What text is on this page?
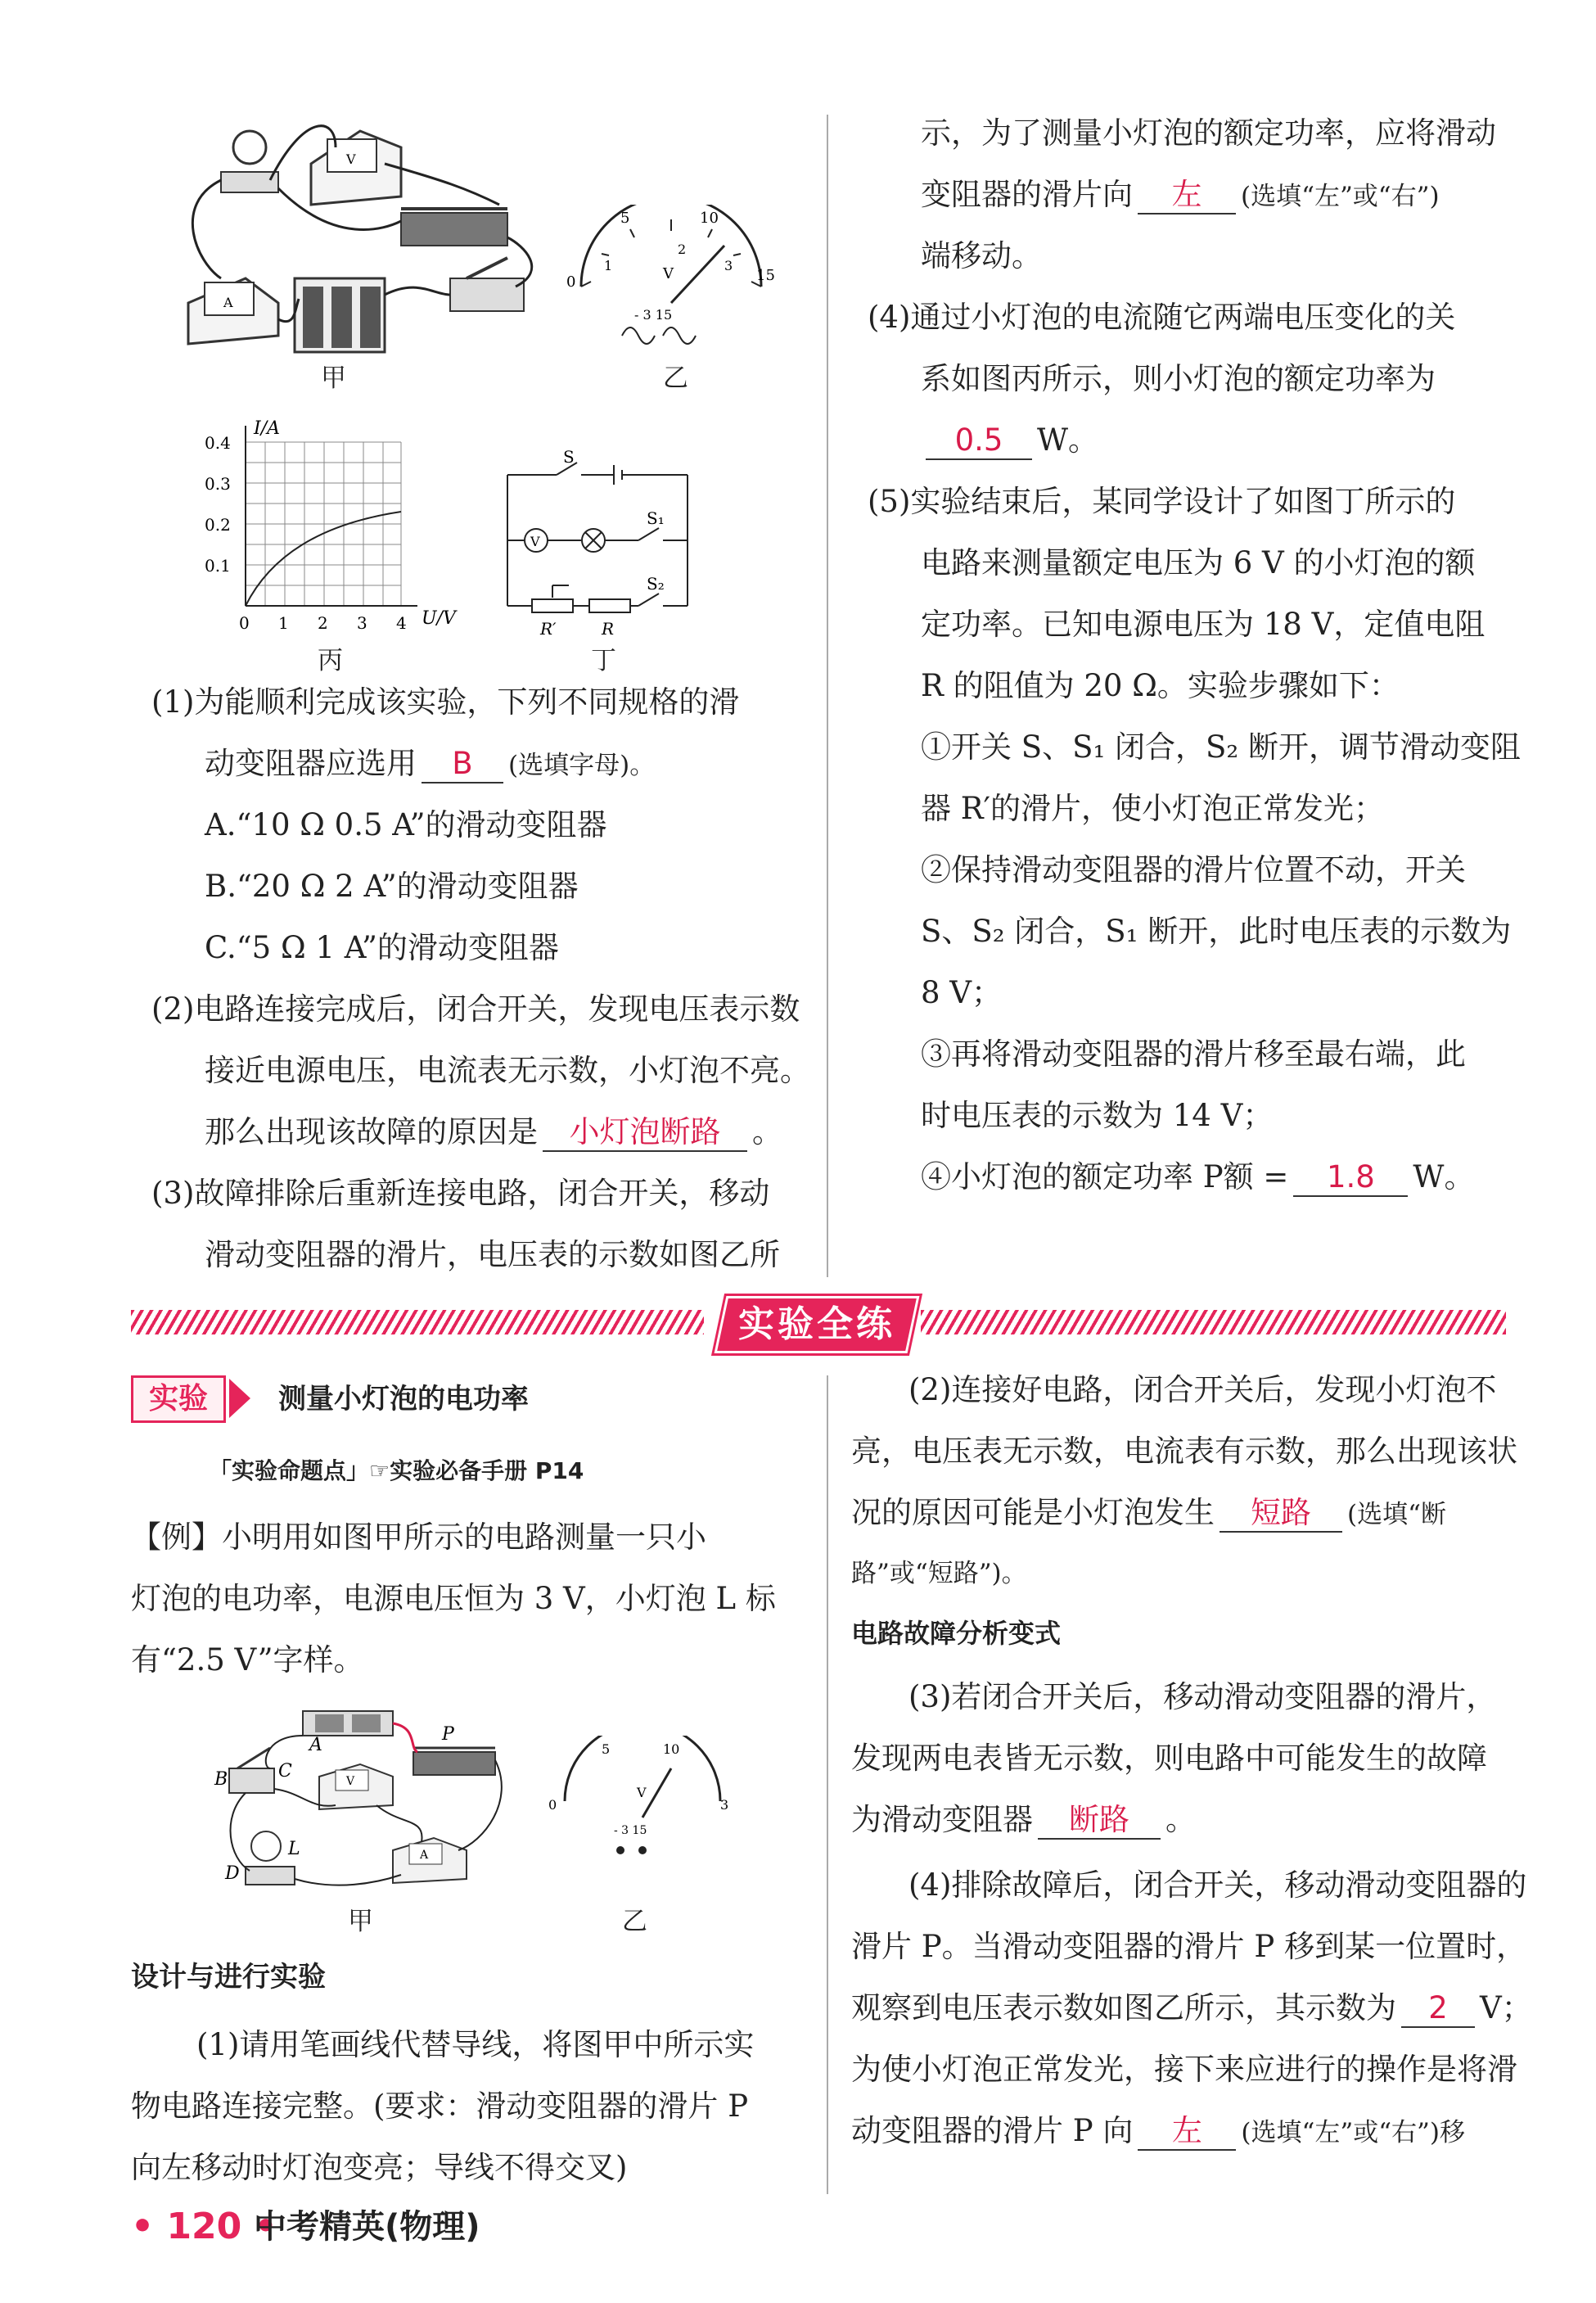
A
V
甲
5	10
15
0
1
2
3
V
- 3 15
乙
I/A
U/V
0.4
0.3
0.2
0.1
0 1 2 3 4
丙
S
V
S₁
S₂
R′	R
丁
(1)为能顺利完成该实验，下列不同规格的滑
动变阻器应选用 B (选填字母)。
A.“10 Ω 0.5 A”的滑动变阻器
B.“20 Ω 2 A”的滑动变阻器
C.“5 Ω 1 A”的滑动变阻器
(2)电路连接完成后，闭合开关，发现电压表示数
接近电源电压，电流表无示数，小灯泡不亮。
那么出现该故障的原因是 小灯泡断路 。
(3)故障排除后重新连接电路，闭合开关，移动
滑动变阻器的滑片，电压表的示数如图乙所
示，为了测量小灯泡的额定功率，应将滑动
变阻器的滑片向 左 (选填“左”或“右”)
端移动。
(4)通过小灯泡的电流随它两端电压变化的关
系如图丙所示，则小灯泡的额定功率为
0.5 W。
(5)实验结束后，某同学设计了如图丁所示的
电路来测量额定电压为 6 V 的小灯泡的额
定功率。已知电源电压为 18 V，定值电阻
R 的阻值为 20 Ω。实验步骤如下：
①开关 S、S₁ 闭合，S₂ 断开，调节滑动变阻
器 R′的滑片，使小灯泡正常发光；
②保持滑动变阻器的滑片位置不动，开关
S、S₂ 闭合，S₁ 断开，此时电压表的示数为
8 V；
③再将滑动变阻器的滑片移至最右端，此
时电压表的示数为 14 V；
④小灯泡的额定功率 P额 = 1.8 W。
实验全练
实验	测量小灯泡的电功率
「实验命题点」☞实验必备手册 P14
【例】小明用如图甲所示的电路测量一只小
灯泡的电功率，电源电压恒为 3 V，小灯泡 L 标
有“2.5 V”字样。
V
A
A
B	C
D
L
P
甲
5	10
0	3
V
- 3 15
乙
设计与进行实验
(1)请用笔画线代替导线，将图甲中所示实
物电路连接完整。(要求：滑动变阻器的滑片 P
向左移动时灯泡变亮；导线不得交叉)
(2)连接好电路，闭合开关后，发现小灯泡不
亮，电压表无示数，电流表有示数，那么出现该状
况的原因可能是小灯泡发生 短路 (选填“断
路”或“短路”)。
电路故障分析变式
(3)若闭合开关后，移动滑动变阻器的滑片，
发现两电表皆无示数，则电路中可能发生的故障
为滑动变阻器 断路 。
(4)排除故障后，闭合开关，移动滑动变阻器的
滑片 P。当滑动变阻器的滑片 P 移到某一位置时，
观察到电压表示数如图乙所示，其示数为 2 V；
为使小灯泡正常发光，接下来应进行的操作是将滑
动变阻器的滑片 P 向 左 (选填“左”或“右”)移
• 120 •
中考精英(物理)
